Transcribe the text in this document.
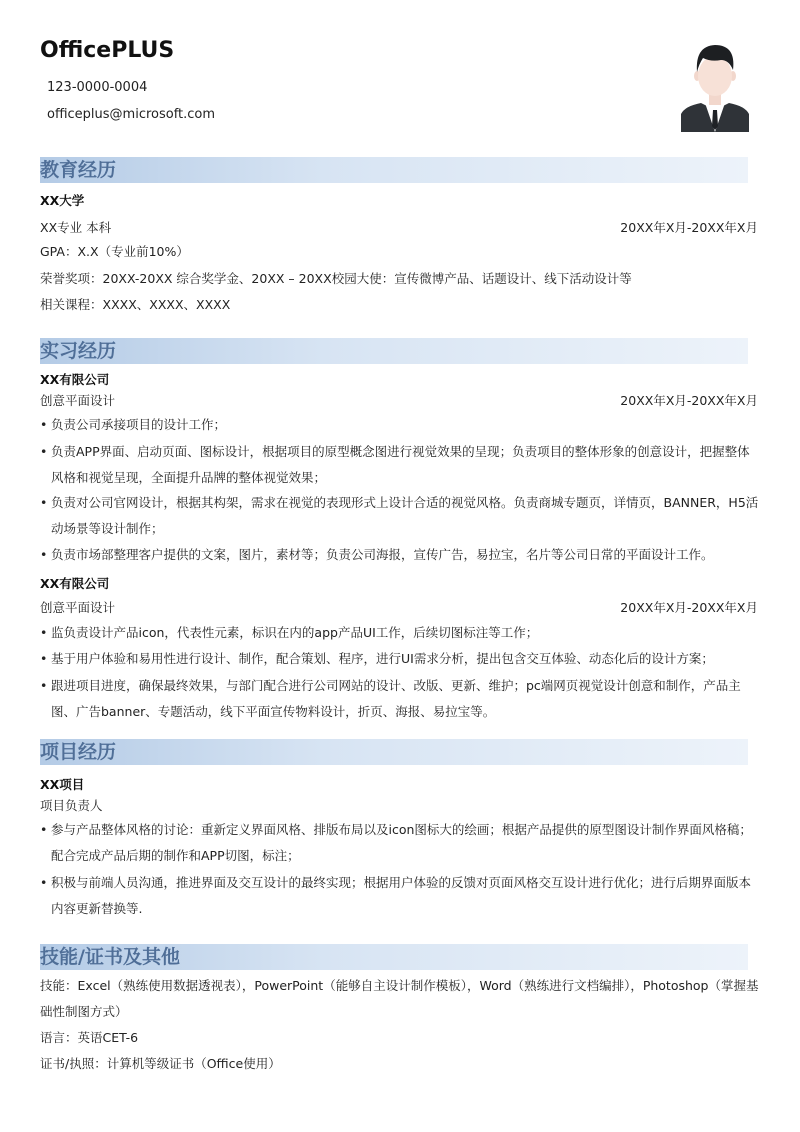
OfficePLUS
123-0000-0004
officeplus@microsoft.com
教育经历
XX大学
XX专业 本科	20XX年X月-20XX年X月
GPA：X.X（专业前10%）
荣誉奖项：20XX-20XX 综合奖学金、20XX – 20XX校园大使：宣传微博产品、话题设计、线下活动设计等
相关课程：XXXX、XXXX、XXXX
实习经历
XX有限公司
创意平面设计	20XX年X月-20XX年X月
• 负责公司承接项目的设计工作；
• 负责APP界面、启动页面、图标设计，根据项目的原型概念图进行视觉效果的呈现；负责项目的整体形象的创意设计，把握整体风格和视觉呈现，全面提升品牌的整体视觉效果；
• 负责对公司官网设计，根据其构架，需求在视觉的表现形式上设计合适的视觉风格。负责商城专题页，详情页，BANNER，H5活动场景等设计制作；
• 负责市场部整理客户提供的文案，图片，素材等；负责公司海报，宣传广告，易拉宝，名片等公司日常的平面设计工作。
XX有限公司
创意平面设计	20XX年X月-20XX年X月
• 监负责设计产品icon，代表性元素，标识在内的app产品UI工作，后续切图标注等工作；
• 基于用户体验和易用性进行设计、制作，配合策划、程序，进行UI需求分析，提出包含交互体验、动态化后的设计方案；
• 跟进项目进度，确保最终效果，与部门配合进行公司网站的设计、改版、更新、维护；pc端网页视觉设计创意和制作，产品主图、广告banner、专题活动，线下平面宣传物料设计，折页、海报、易拉宝等。
项目经历
XX项目
项目负责人
• 参与产品整体风格的讨论：重新定义界面风格、排版布局以及icon图标大的绘画；根据产品提供的原型图设计制作界面风格稿；配合完成产品后期的制作和APP切图，标注；
• 积极与前端人员沟通，推进界面及交互设计的最终实现；根据用户体验的反馈对页面风格交互设计进行优化；进行后期界面版本内容更新替换等.
技能/证书及其他
技能：Excel（熟练使用数据透视表），PowerPoint（能够自主设计制作模板），Word（熟练进行文档编排），Photoshop（掌握基础性制图方式）
语言：英语CET-6
证书/执照：计算机等级证书（Office使用）
